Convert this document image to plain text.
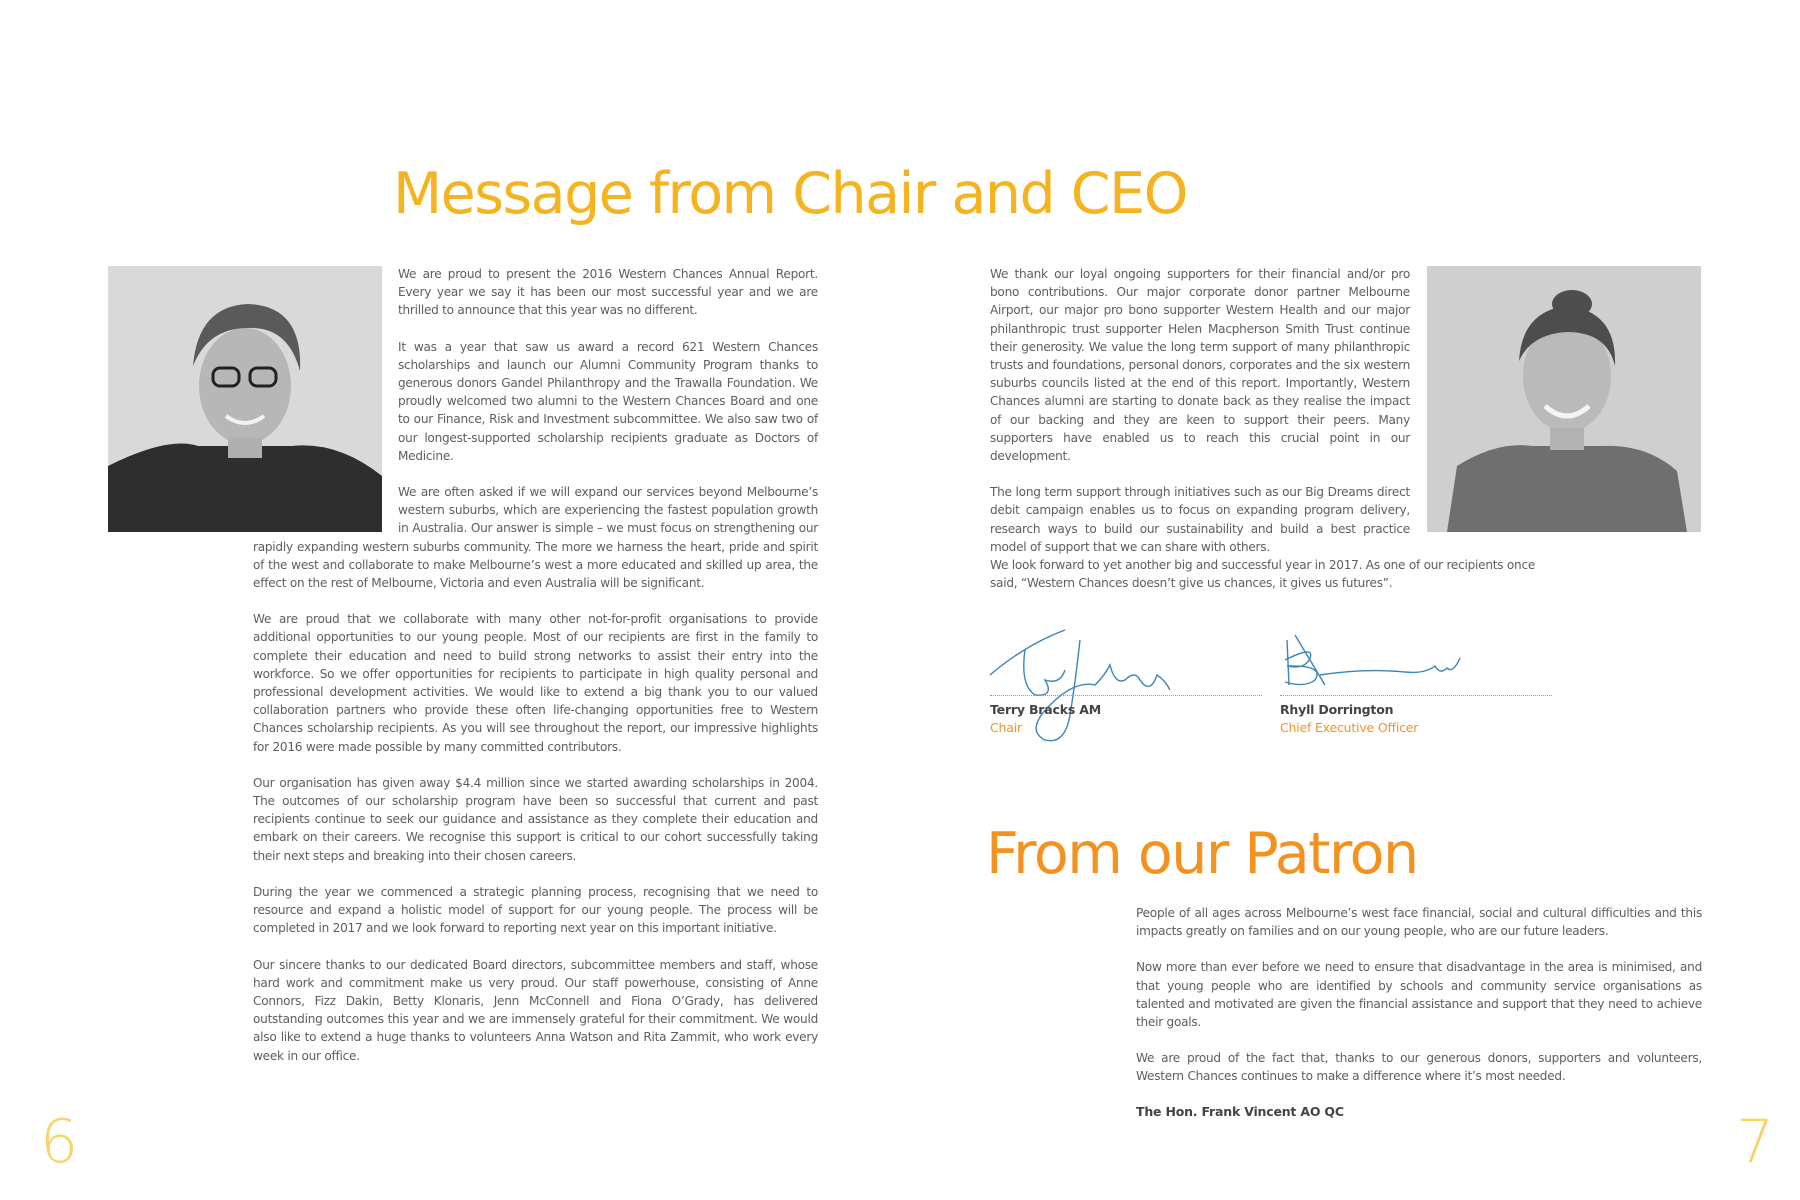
Message from Chair and CEO

We are proud to present the 2016 Western Chances Annual Report. Every year we say it has been our most successful year and we are thrilled to announce that this year was no different.

It was a year that saw us award a record 621 Western Chances scholarships and launch our Alumni Community Program thanks to generous donors Gandel Philanthropy and the Trawalla Foundation. We proudly welcomed two alumni to the Western Chances Board and one to our Finance, Risk and Investment subcommittee. We also saw two of our longest-supported scholarship recipients graduate as Doctors of Medicine.

We are often asked if we will expand our services beyond Melbourne’s western suburbs, which are experiencing the fastest population growth in Australia. Our answer is simple – we must focus on strengthening our rapidly expanding western suburbs community. The more we harness the heart, pride and spirit of the west and collaborate to make Melbourne’s west a more educated and skilled up area, the effect on the rest of Melbourne, Victoria and even Australia will be significant.

We are proud that we collaborate with many other not-for-profit organisations to provide additional opportunities to our young people. Most of our recipients are first in the family to complete their education and need to build strong networks to assist their entry into the workforce. So we offer opportunities for recipients to participate in high quality personal and professional development activities. We would like to extend a big thank you to our valued collaboration partners who provide these often life-changing opportunities free to Western Chances scholarship recipients. As you will see throughout the report, our impressive highlights for 2016 were made possible by many committed contributors.

Our organisation has given away $4.4 million since we started awarding scholarships in 2004. The outcomes of our scholarship program have been so successful that current and past recipients continue to seek our guidance and assistance as they complete their education and embark on their careers. We recognise this support is critical to our cohort successfully taking their next steps and breaking into their chosen careers.

During the year we commenced a strategic planning process, recognising that we need to resource and expand a holistic model of support for our young people. The process will be completed in 2017 and we look forward to reporting next year on this important initiative.

Our sincere thanks to our dedicated Board directors, subcommittee members and staff, whose hard work and commitment make us very proud. Our staff powerhouse, consisting of Anne Connors, Fizz Dakin, Betty Klonaris, Jenn McConnell and Fiona O’Grady, has delivered outstanding outcomes this year and we are immensely grateful for their commitment. We would also like to extend a huge thanks to volunteers Anna Watson and Rita Zammit, who work every week in our office.

We thank our loyal ongoing supporters for their financial and/or pro bono contributions. Our major corporate donor partner Melbourne Airport, our major pro bono supporter Western Health and our major philanthropic trust supporter Helen Macpherson Smith Trust continue their generosity. We value the long term support of many philanthropic trusts and foundations, personal donors, corporates and the six western suburbs councils listed at the end of this report. Importantly, Western Chances alumni are starting to donate back as they realise the impact of our backing and they are keen to support their peers. Many supporters have enabled us to reach this crucial point in our development.

The long term support through initiatives such as our Big Dreams direct debit campaign enables us to focus on expanding program delivery, research ways to build our sustainability and build a best practice model of support that we can share with others.

We look forward to yet another big and successful year in 2017. As one of our recipients once said, “Western Chances doesn’t give us chances, it gives us futures”.

Terry Bracks AM
Chair
Rhyll Dorrington
Chief Executive Officer
From our Patron

People of all ages across Melbourne’s west face financial, social and cultural difficulties and this impacts greatly on families and on our young people, who are our future leaders.

Now more than ever before we need to ensure that disadvantage in the area is minimised, and that young people who are identified by schools and community service organisations as talented and motivated are given the financial assistance and support that they need to achieve their goals.

We are proud of the fact that, thanks to our generous donors, supporters and volunteers, Western Chances continues to make a difference where it’s most needed.

The Hon. Frank Vincent AO QC
6	7
